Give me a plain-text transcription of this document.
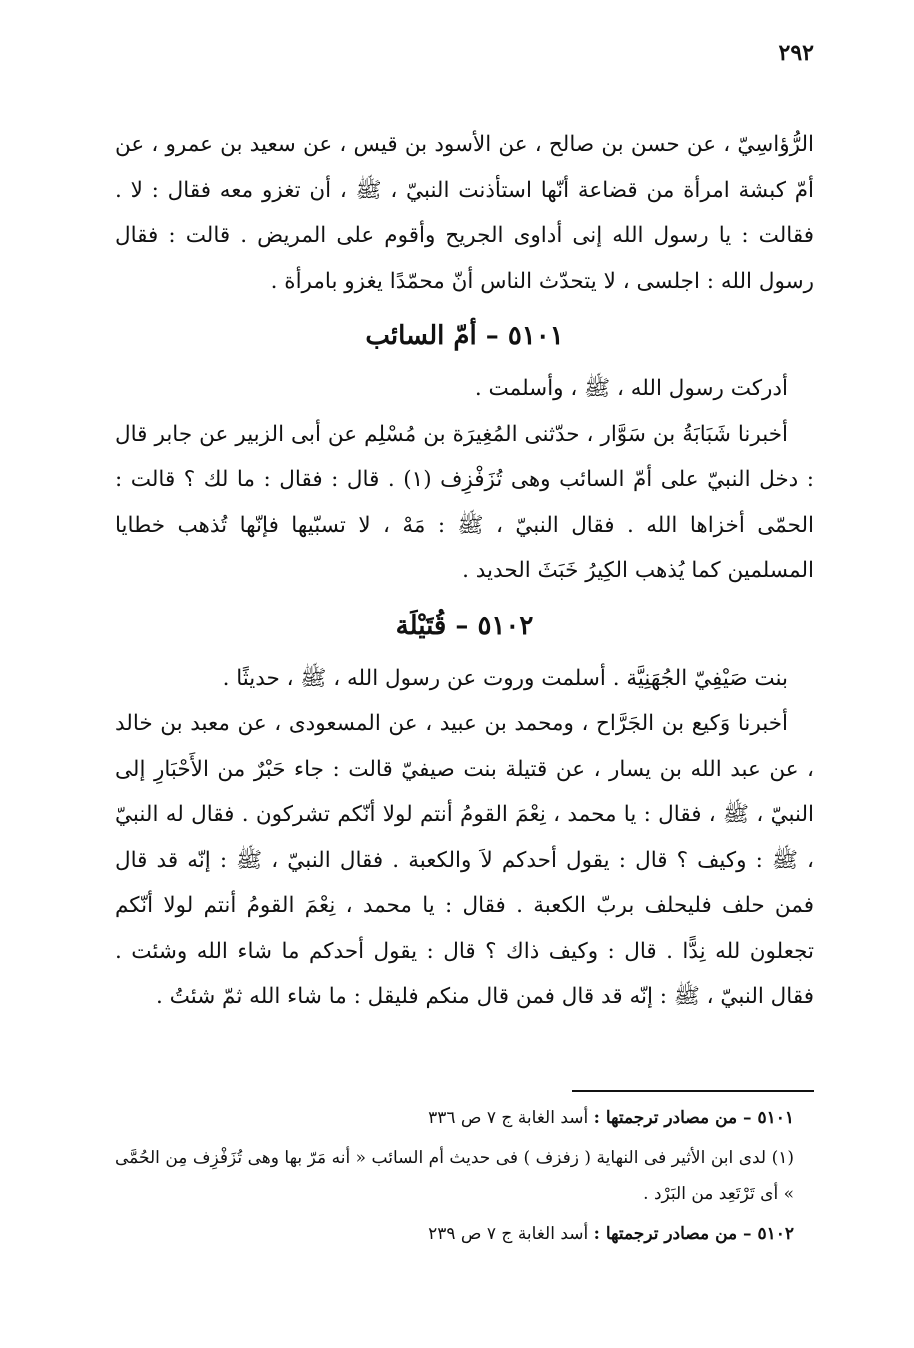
٢٩٢

الرُّؤاسِيّ ، عن حسن بن صالح ، عن الأسود بن قيس ، عن سعيد بن عمرو ، عن أمّ كبشة امرأة من قضاعة أنّها استأذنت النبيّ ، ﷺ ، أن تغزو معه فقال : لا . فقالت : يا رسول الله إنى أداوى الجريح وأقوم على المريض . قالت : فقال رسول الله : اجلسى ، لا يتحدّث الناس أنّ محمّدًا يغزو بامرأة .

٥١٠١ – أمّ السائب

أدركت رسول الله ، ﷺ ، وأسلمت .

أخبرنا شَبَابَةُ بن سَوَّار ، حدّثنى المُغِيرَة بن مُسْلِم عن أبى الزبير عن جابر قال : دخل النبيّ على أمّ السائب وهى تُزَفْزِف (١) . قال : فقال : ما لك ؟ قالت : الحمّى أخزاها الله . فقال النبيّ ، ﷺ : مَهْ ، لا تسبّيها فإنّها تُذهب خطايا المسلمين كما يُذهب الكِيرُ خَبَثَ الحديد .

٥١٠٢ – قُتَيْلَة

بنت صَيْفِيّ الجُهَنِيَّة . أسلمت وروت عن رسول الله ، ﷺ ، حديثًا .

أخبرنا وَكيع بن الجَرَّاح ، ومحمد بن عبيد ، عن المسعودى ، عن معبد بن خالد ، عن عبد الله بن يسار ، عن قتيلة بنت صيفيّ قالت : جاء حَبْرٌ من الأَحْبَارِ إلى النبيّ ، ﷺ ، فقال : يا محمد ، نِعْمَ القومُ أنتم لولا أنّكم تشركون . فقال له النبيّ ، ﷺ : وكيف ؟ قال : يقول أحدكم لاَ والكعبة . فقال النبيّ ، ﷺ : إنّه قد قال فمن حلف فليحلف بربّ الكعبة . فقال : يا محمد ، نِعْمَ القومُ أنتم لولا أنّكم تجعلون لله نِدًّا . قال : وكيف ذاك ؟ قال : يقول أحدكم ما شاء الله وشئت . فقال النبيّ ، ﷺ : إنّه قد قال فمن قال منكم فليقل : ما شاء الله ثمّ شئتُ .

٥١٠١ – من مصادر ترجمتها : أسد الغابة ج ٧ ص ٣٣٦

(١) لدى ابن الأثير فى النهاية ( زفزف ) فى حديث أم السائب « أنه مَرّ بها وهى تُزَفْزِف مِن الحُمَّى » أى تَرْتَعِد من البَرْد .

٥١٠٢ – من مصادر ترجمتها : أسد الغابة ج ٧ ص ٢٣٩
